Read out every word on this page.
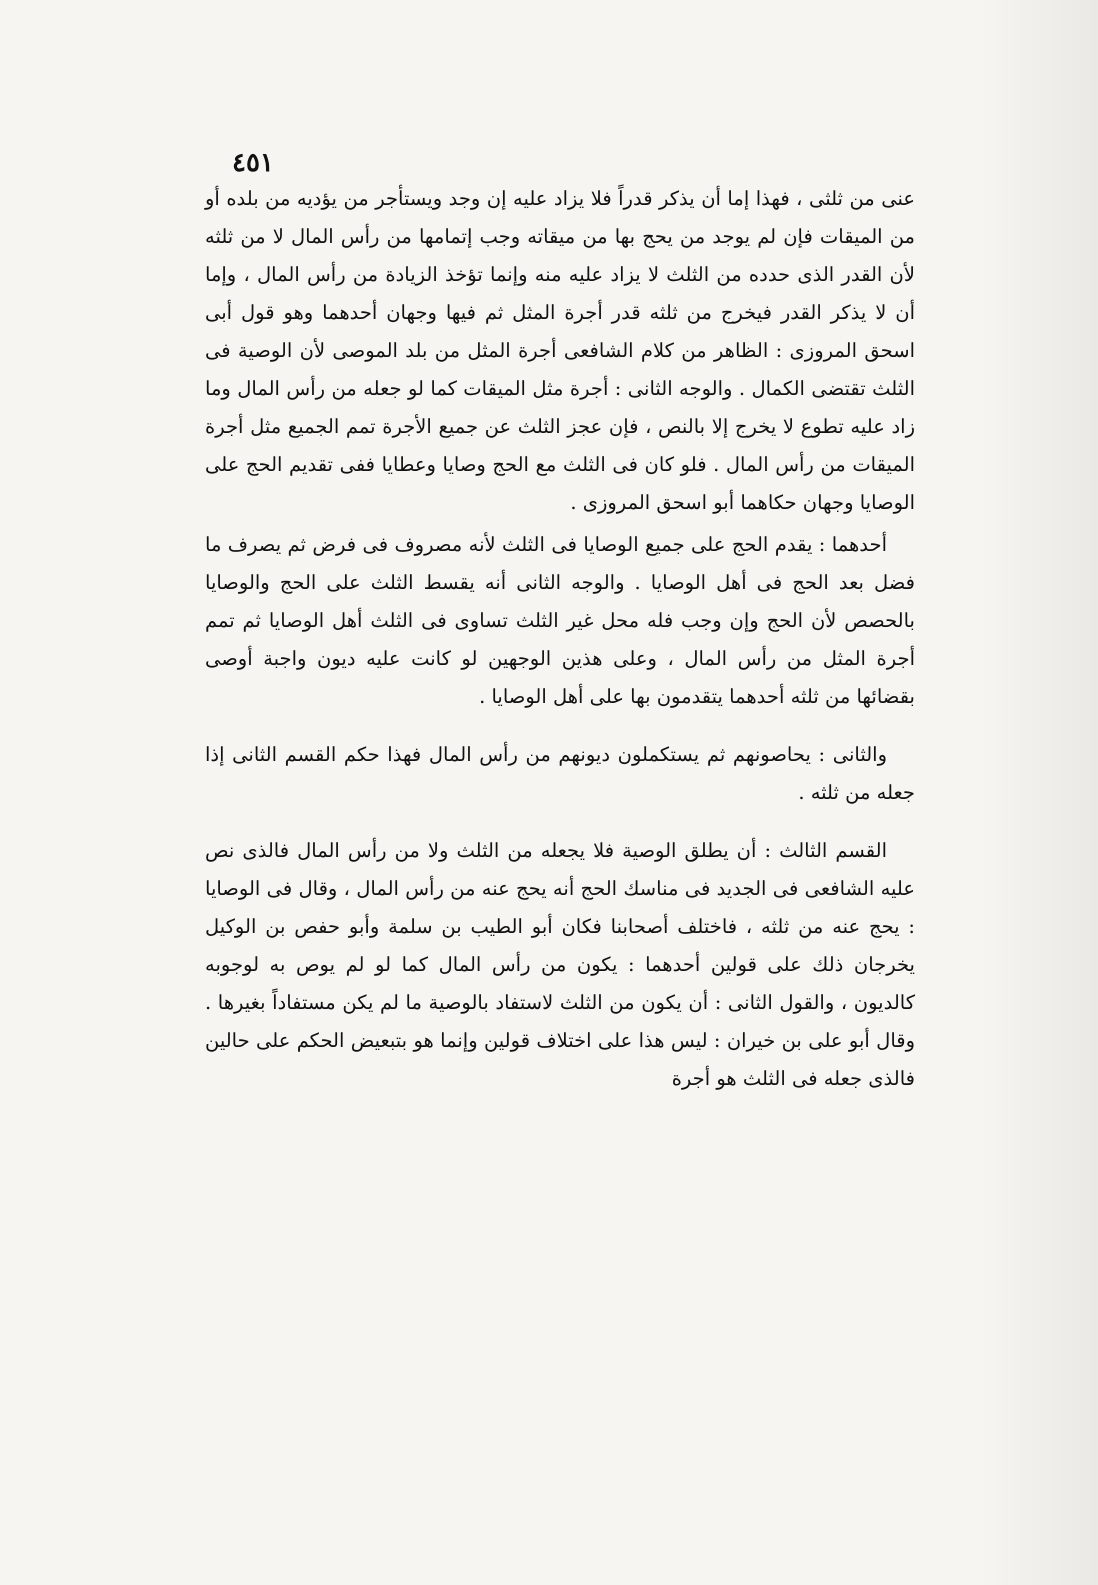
٤٥١

عنى من ثلثى ، فهذا إما أن يذكر قدراً فلا يزاد عليه إن وجد ويستأجر من يؤديه من بلده أو من الميقات فإن لم يوجد من يحج بها من ميقاته وجب إتمامها من رأس المال لا من ثلثه لأن القدر الذى حدده من الثلث لا يزاد عليه منه وإنما تؤخذ الزيادة من رأس المال ، وإما أن لا يذكر القدر فيخرج من ثلثه قدر أجرة المثل ثم فيها وجهان أحدهما وهو قول أبى اسحق المروزى : الظاهر من كلام الشافعى أجرة المثل من بلد الموصى لأن الوصية فى الثلث تقتضى الكمال . والوجه الثانى : أجرة مثل الميقات كما لو جعله من رأس المال وما زاد عليه تطوع لا يخرج إلا بالنص ، فإن عجز الثلث عن جميع الأجرة تمم الجميع مثل أجرة الميقات من رأس المال . فلو كان فى الثلث مع الحج وصايا وعطايا ففى تقديم الحج على الوصايا وجهان حكاهما أبو اسحق المروزى .

أحدهما : يقدم الحج على جميع الوصايا فى الثلث لأنه مصروف فى فرض ثم يصرف ما فضل بعد الحج فى أهل الوصايا . والوجه الثانى أنه يقسط الثلث على الحج والوصايا بالحصص لأن الحج وإن وجب فله محل غير الثلث تساوى فى الثلث أهل الوصايا ثم تمم أجرة المثل من رأس المال ، وعلى هذين الوجهين لو كانت عليه ديون واجبة أوصى بقضائها من ثلثه أحدهما يتقدمون بها على أهل الوصايا .

والثانى : يحاصونهم ثم يستكملون ديونهم من رأس المال فهذا حكم القسم الثانى إذا جعله من ثلثه .

القسم الثالث : أن يطلق الوصية فلا يجعله من الثلث ولا من رأس المال فالذى نص عليه الشافعى فى الجديد فى مناسك الحج أنه يحج عنه من رأس المال ، وقال فى الوصايا : يحج عنه من ثلثه ، فاختلف أصحابنا فكان أبو الطيب بن سلمة وأبو حفص بن الوكيل يخرجان ذلك على قولين أحدهما : يكون من رأس المال كما لو لم يوص به لوجوبه كالديون ، والقول الثانى : أن يكون من الثلث لاستفاد بالوصية ما لم يكن مستفاداً بغيرها . وقال أبو على بن خيران : ليس هذا على اختلاف قولين وإنما هو بتبعيض الحكم على حالين فالذى جعله فى الثلث هو أجرة
